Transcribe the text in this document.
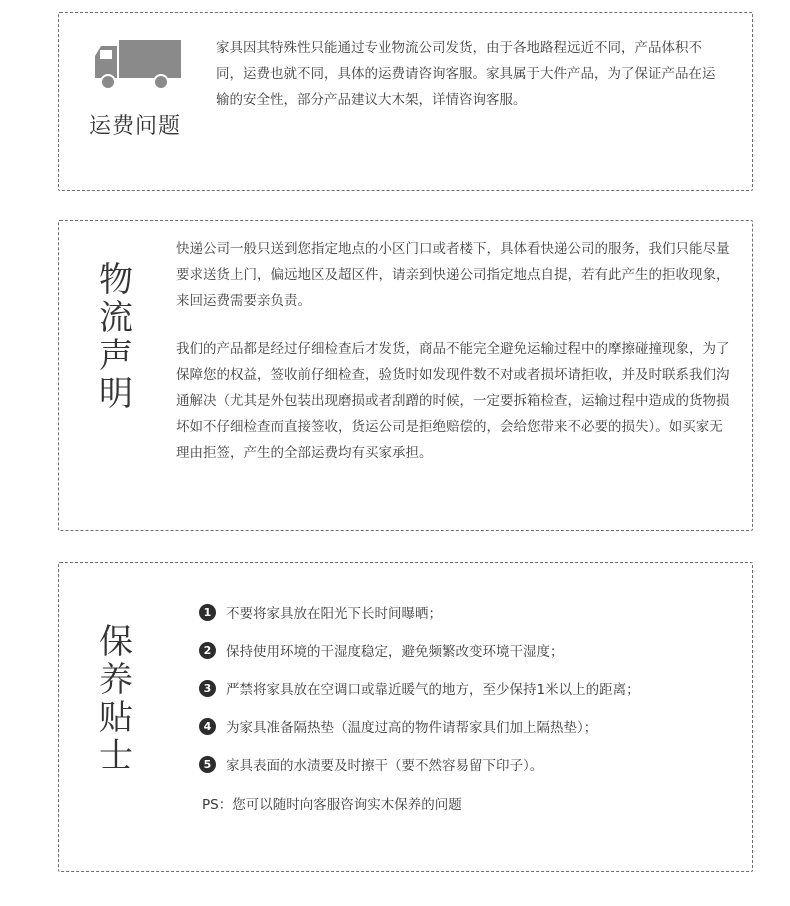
运费问题

家具因其特殊性只能通过专业物流公司发货，由于各地路程远近不同，产品体积不同，运费也就不同，具体的运费请咨询客服。家具属于大件产品，为了保证产品在运输的安全性，部分产品建议大木架，详情咨询客服。

物
流
声
明

快递公司一般只送到您指定地点的小区门口或者楼下，具体看快递公司的服务，我们只能尽量 要求送货上门，偏远地区及超区件，请亲到快递公司指定地点自提，若有此产生的拒收现象，来回运费需要亲负责。

我们的产品都是经过仔细检查后才发货，商品不能完全避免运输过程中的摩擦碰撞现象，为了保障您的权益，签收前仔细检查，验货时如发现件数不对或者损坏请拒收，并及时联系我们沟通解决（尤其是外包装出现磨损或者刮蹭的时候，一定要拆箱检查，运输过程中造成的货物损坏如不仔细检查而直接签收，货运公司是拒绝赔偿的，会给您带来不必要的损失）。如买家无理由拒签，产生的全部运费均有买家承担。

保
养
贴
士
1	不要将家具放在阳光下长时间曝晒；
2	保持使用环境的干湿度稳定，避免频繁改变环境干湿度；
3	严禁将家具放在空调口或靠近暖气的地方，至少保持1米以上的距离；
4	为家具准备隔热垫（温度过高的物件请帮家具们加上隔热垫）；
5	家具表面的水渍要及时擦干（要不然容易留下印子）。
PS：您可以随时向客服咨询实木保养的问题
